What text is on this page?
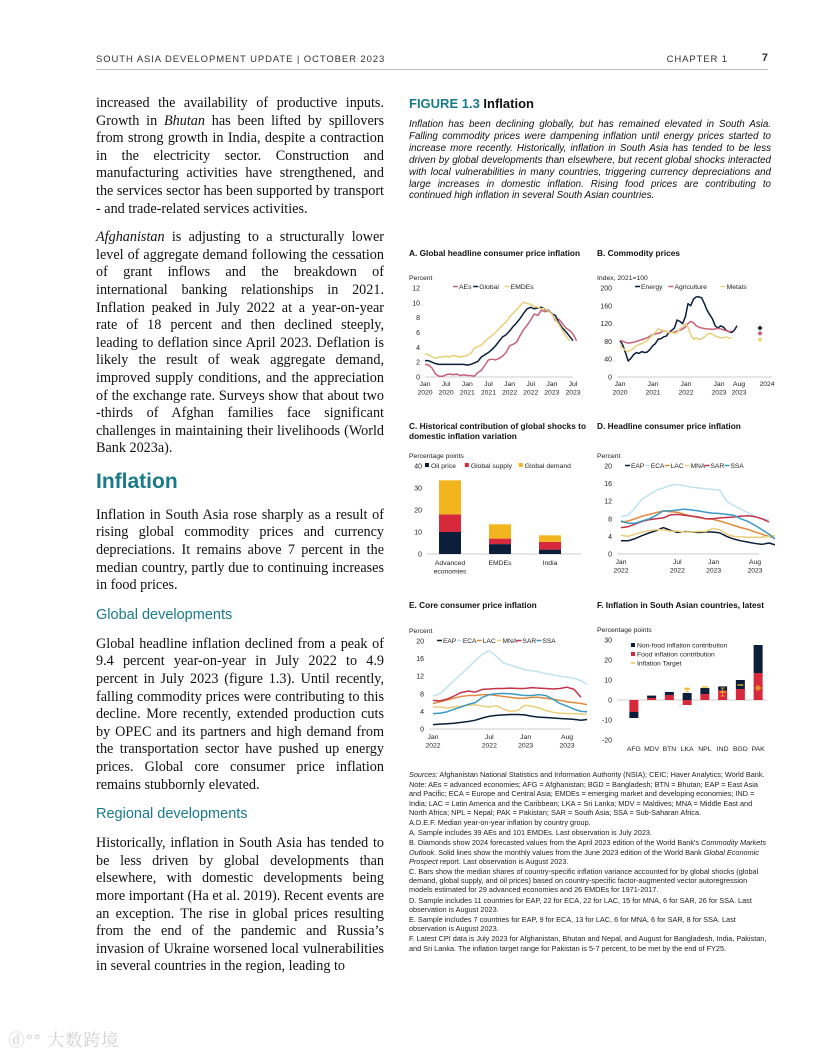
SOUTH ASIA DEVELOPMENT UPDATE | OCTOBER 2023	CHAPTER 1	7

increased the availability of productive inputs. Growth in Bhutan has been lifted by spillovers from strong growth in India, despite a contraction in the electricity sector. Construction and manufacturing activities have strengthened, and the services sector has been supported by transport - and trade-related services activities.

Afghanistan is adjusting to a structurally lower level of aggregate demand following the cessation of grant inflows and the breakdown of international banking relationships in 2021. Inflation peaked in July 2022 at a year-on-year rate of 18 percent and then declined steeply, leading to deflation since April 2023. Deflation is likely the result of weak aggregate demand, improved supply conditions, and the appreciation of the exchange rate. Surveys show that about two -thirds of Afghan families face significant challenges in maintaining their livelihoods (World Bank 2023a).

Inflation

Inflation in South Asia rose sharply as a result of rising global commodity prices and currency depreciations. It remains above 7 percent in the median country, partly due to continuing increases in food prices.

Global developments

Global headline inflation declined from a peak of 9.4 percent year-on-year in July 2022 to 4.9 percent in July 2023 (figure 1.3). Until recently, falling commodity prices were contributing to this decline. More recently, extended production cuts by OPEC and its partners and high demand from the transportation sector have pushed up energy prices. Global core consumer price inflation remains stubbornly elevated.

Regional developments

Historically, inflation in South Asia has tended to be less driven by global developments than elsewhere, with domestic developments being more important (Ha et al. 2019). Recent events are an exception. The rise in global prices resulting from the end of the pandemic and Russia’s invasion of Ukraine worsened local vulnerabilities in several countries in the region, leading to

FIGURE 1.3 Inflation
Inflation has been declining globally, but has remained elevated in South Asia. Falling commodity prices were dampening inflation until energy prices started to increase more recently. Historically, inflation in South Asia has tended to be less driven by global developments than elsewhere, but recent global shocks interacted with local vulnerabilities in many countries, triggering currency depreciations and large increases in domestic inflation. Rising food prices are contributing to continued high inflation in several South Asian countries.
A. Global headline consumer price inflation
Percent
0
2
4
6
8
10
12	AEs Global EMDEs
Jan
2020
Jul
2020
Jan
2021
Jul
2021
Jan
2022
Jul
2022
Jan
2023
Jul
2023
B. Commodity prices
Index, 2021=100
0
40
80
120
160
200	Energy Agriculture	Metals
Jan
2020
Jan
2021
Jan
2022
Jan
2023
Aug
2023
2024
C. Historical contribution of global shocks to domestic inflation variation
Percentage points
0
10
20
30
40 Oil price Global supply Global demand
Advanced
economies
EMDEs	India
D. Headline consumer price inflation
Percent
0
4
8
12
16
20	EAP ECA LAC MNA SAR SSA
Jan
2022
Jul
2022
Jan
2023
Aug
2023
E. Core consumer price inflation
Percent
0
4
8
12
16
20	EAP ECA LAC MNA SAR SSA
Jan
2022
Jul
2022
Jan
2023
Aug
2023
F. Inflation in South Asian countries, latest
Percentage points
-20
-10
0
10
20
30
Non-food inflation contribution
Food inflation contribution
Inflation Target
AFG MDV BTN LKA NPL IND BGD PAK

Sources: Afghanistan National Statistics and Information Authority (NSIA); CEIC; Haver Analytics; World Bank.

Note: AEs = advanced economies; AFG = Afghanistan; BGD = Bangladesh; BTN = Bhutan; EAP = East Asia and Pacific; ECA = Europe and Central Asia; EMDEs = emerging market and developing economies; IND = India; LAC = Latin America and the Caribbean; LKA = Sri Lanka; MDV = Maldives; MNA = Middle East and North Africa; NPL = Nepal; PAK = Pakistan; SAR = South Asia; SSA = Sub-Saharan Africa.

A.D.E.F. Median year-on-year inflation by country group.

A. Sample includes 39 AEs and 101 EMDEs. Last observation is July 2023.

B. Diamonds show 2024 forecasted values from the April 2023 edition of the World Bank's Commodity Markets Outlook. Solid lines show the monthly values from the June 2023 edition of the World Bank Global Economic Prospect report. Last observation is August 2023.

C. Bars show the median shares of country-specific inflation variance accounted for by global shocks (global demand, global supply, and oil prices) based on country-specific factor-augmented vector autoregression models estimated for 29 advanced economies and 26 EMDEs for 1971-2017.

D. Sample includes 11 countries for EAP, 22 for ECA, 22 for LAC, 15 for MNA, 6 for SAR, 26 for SSA. Last observation is August 2023.

E. Sample includes 7 countries for EAP, 9 for ECA, 13 for LAC, 6 for MNA, 6 for SAR, 8 for SSA. Last observation is August 2023.

F. Latest CPI data is July 2023 for Afghanistan, Bhutan and Nepal, and August for Bangladesh, India, Pakistan, and Sri Lanka. The inflation target range for Pakistan is 5-7 percent, to be met by the end of FY25.

ⓓ°° 大数跨境
